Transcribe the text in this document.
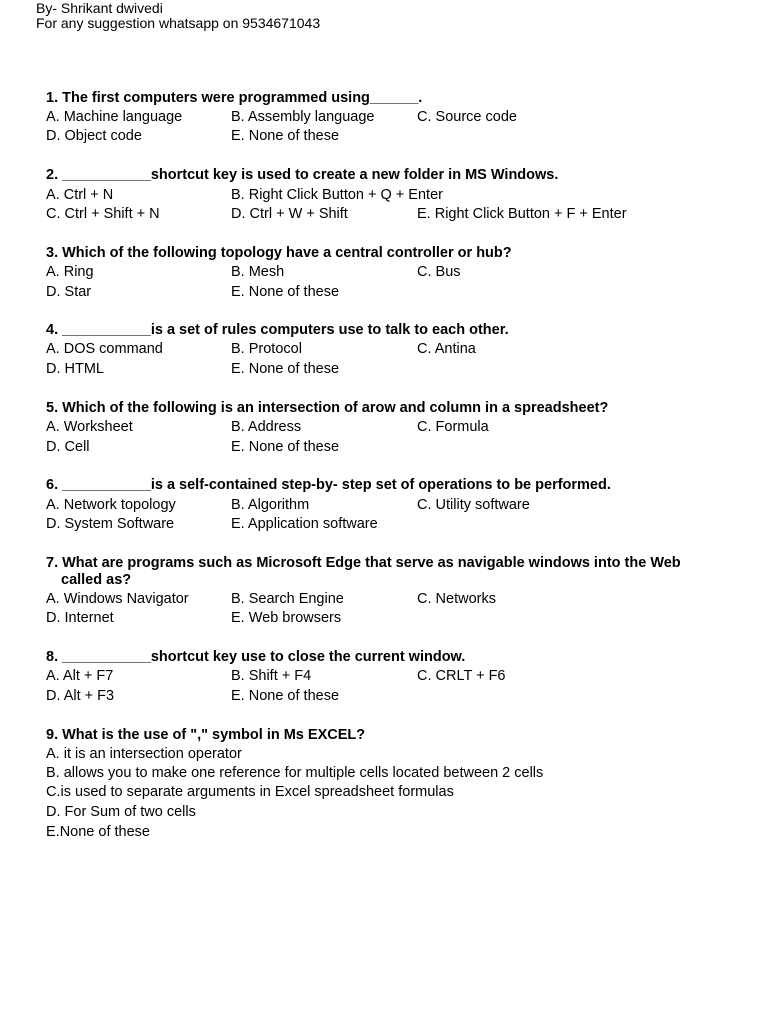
By- Shrikant dwivedi
For any suggestion whatsapp on 9534671043
1. The first computers were programmed using______.
A. Machine language	B. Assembly language	C. Source code
D. Object code	E. None of these
2. ___________shortcut key is used to create a new folder in MS Windows.
A. Ctrl + N	B. Right Click Button + Q + Enter
C. Ctrl + Shift + N	D. Ctrl + W + Shift	E. Right Click Button + F + Enter
3. Which of the following topology have a central controller or hub?
A. Ring	B. Mesh	C. Bus
D. Star	E. None of these
4. ___________is a set of rules computers use to talk to each other.
A. DOS command	B. Protocol	C. Antina
D. HTML	E. None of these
5. Which of the following is an intersection of arow and column in a spreadsheet?
A. Worksheet	B. Address	C. Formula
D. Cell	E. None of these
6. ___________is a self-contained step-by- step set of operations to be performed.
A. Network topology	B. Algorithm	C. Utility software
D. System Software	E. Application software
7. What are programs such as Microsoft Edge that serve as navigable windows into the Web
called as?
A. Windows Navigator	B. Search Engine	C. Networks
D. Internet	E. Web browsers
8. ___________shortcut key use to close the current window.
A. Alt + F7	B. Shift + F4	C. CRLT + F6
D. Alt + F3	E. None of these
9. What is the use of "," symbol in Ms EXCEL?
A. it is an intersection operator
B. allows you to make one reference for multiple cells located between 2 cells
C.is used to separate arguments in Excel spreadsheet formulas
D. For Sum of two cells
E.None of these
